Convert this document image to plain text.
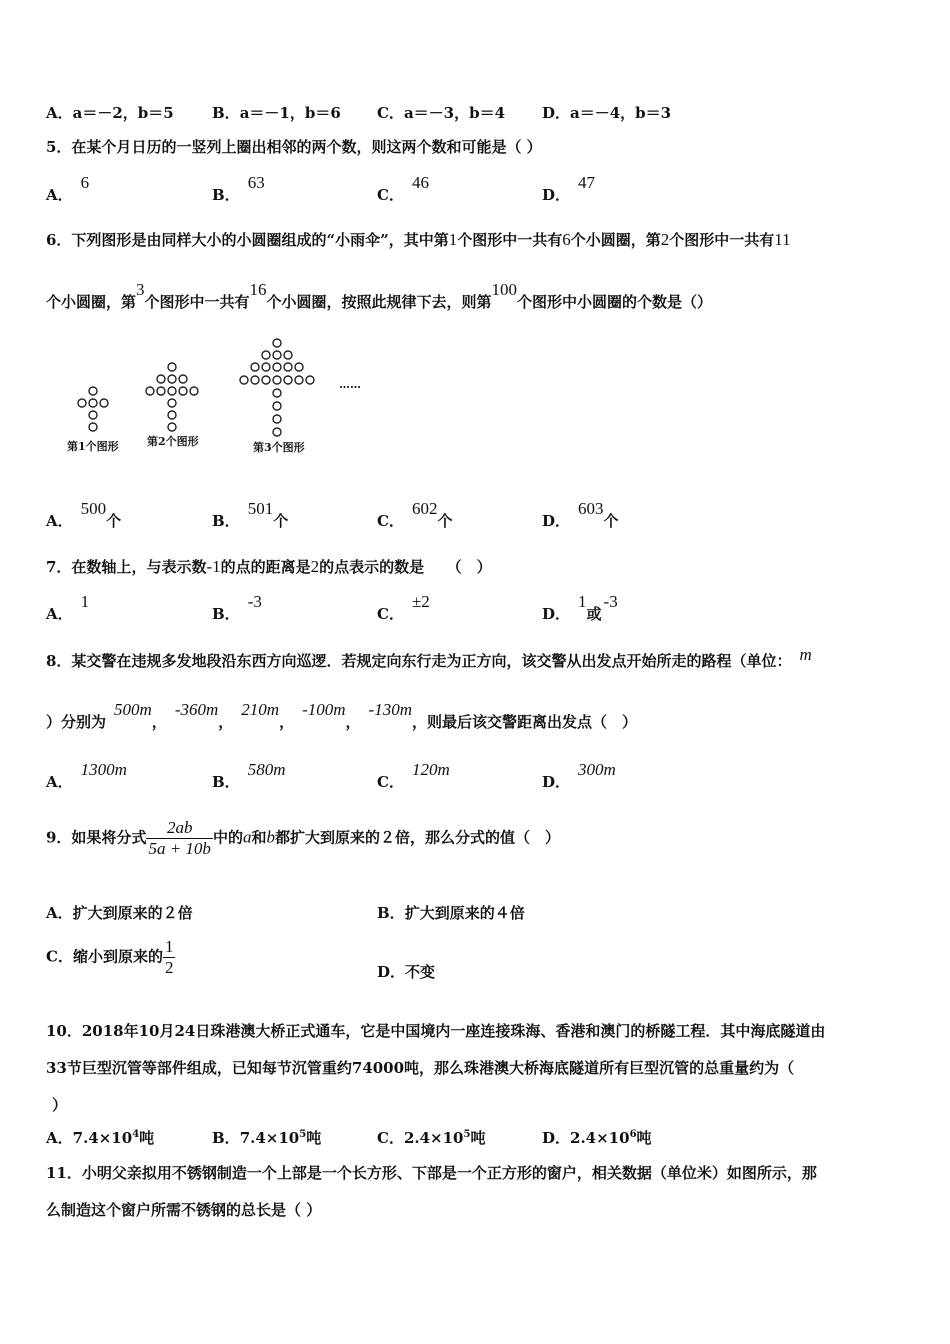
A．a＝－2，b＝5	B．a＝－1，b＝6 C．a＝－3，b＝4 D．a＝－4，b＝3
5．在某个月日历的一竖列上圈出相邻的两个数，则这两个数和可能是（ ）
A．6
B．63
C．46
D．47
6．下列图形是由同样大小的小圆圈组成的“小雨伞”，其中第1个图形中一共有6个小圆圈，第2个图形中一共有11
个小圆圈，第3个图形中一共有16个小圆圈，按照此规律下去，则第100个图形中小圆圈的个数是（）
第1个图形	第2个图形	第3个图形
……
A．500个	B．501个	C．602个	D．603个
7．在数轴上，与表示数-1的点的距离是2的点表示的数是　　（　）
A．1
B．-3
C．±2
D．1或-3
8．某交警在违规多发地段沿东西方向巡逻．若规定向东行走为正方向，该交警从出发点开始所走的路程（单位： m
）分别为500m，-360m，210m，-100m，-130m，则最后该交警距离出发点（　）
A．1300m
B．580m
C．120m
D．300m
9．如果将分式 $\frac{2ab}{5a + 10b}$ 中的a和b都扩大到原来的２倍，那么分式的值（　）
A．扩大到原来的２倍	B．扩大到原来的４倍
C．缩小到原来的 $\frac{1}{2}$	D．不变
10．2018年10月24日珠港澳大桥正式通车，它是中国境内一座连接珠海、香港和澳门的桥隧工程．其中海底隧道由
33节巨型沉管等部件组成，已知每节沉管重约74000吨，那么珠港澳大桥海底隧道所有巨型沉管的总重量约为（
）
A．$7.4\times 10^4$吨	B．$7.4\times 10^5$吨	C．$2.4\times 10^5$吨	D．$2.4\times 10^6$吨
11．小明父亲拟用不锈钢制造一个上部是一个长方形、下部是一个正方形的窗户，相关数据（单位米）如图所示，那
么制造这个窗户所需不锈钢的总长是（ ）
